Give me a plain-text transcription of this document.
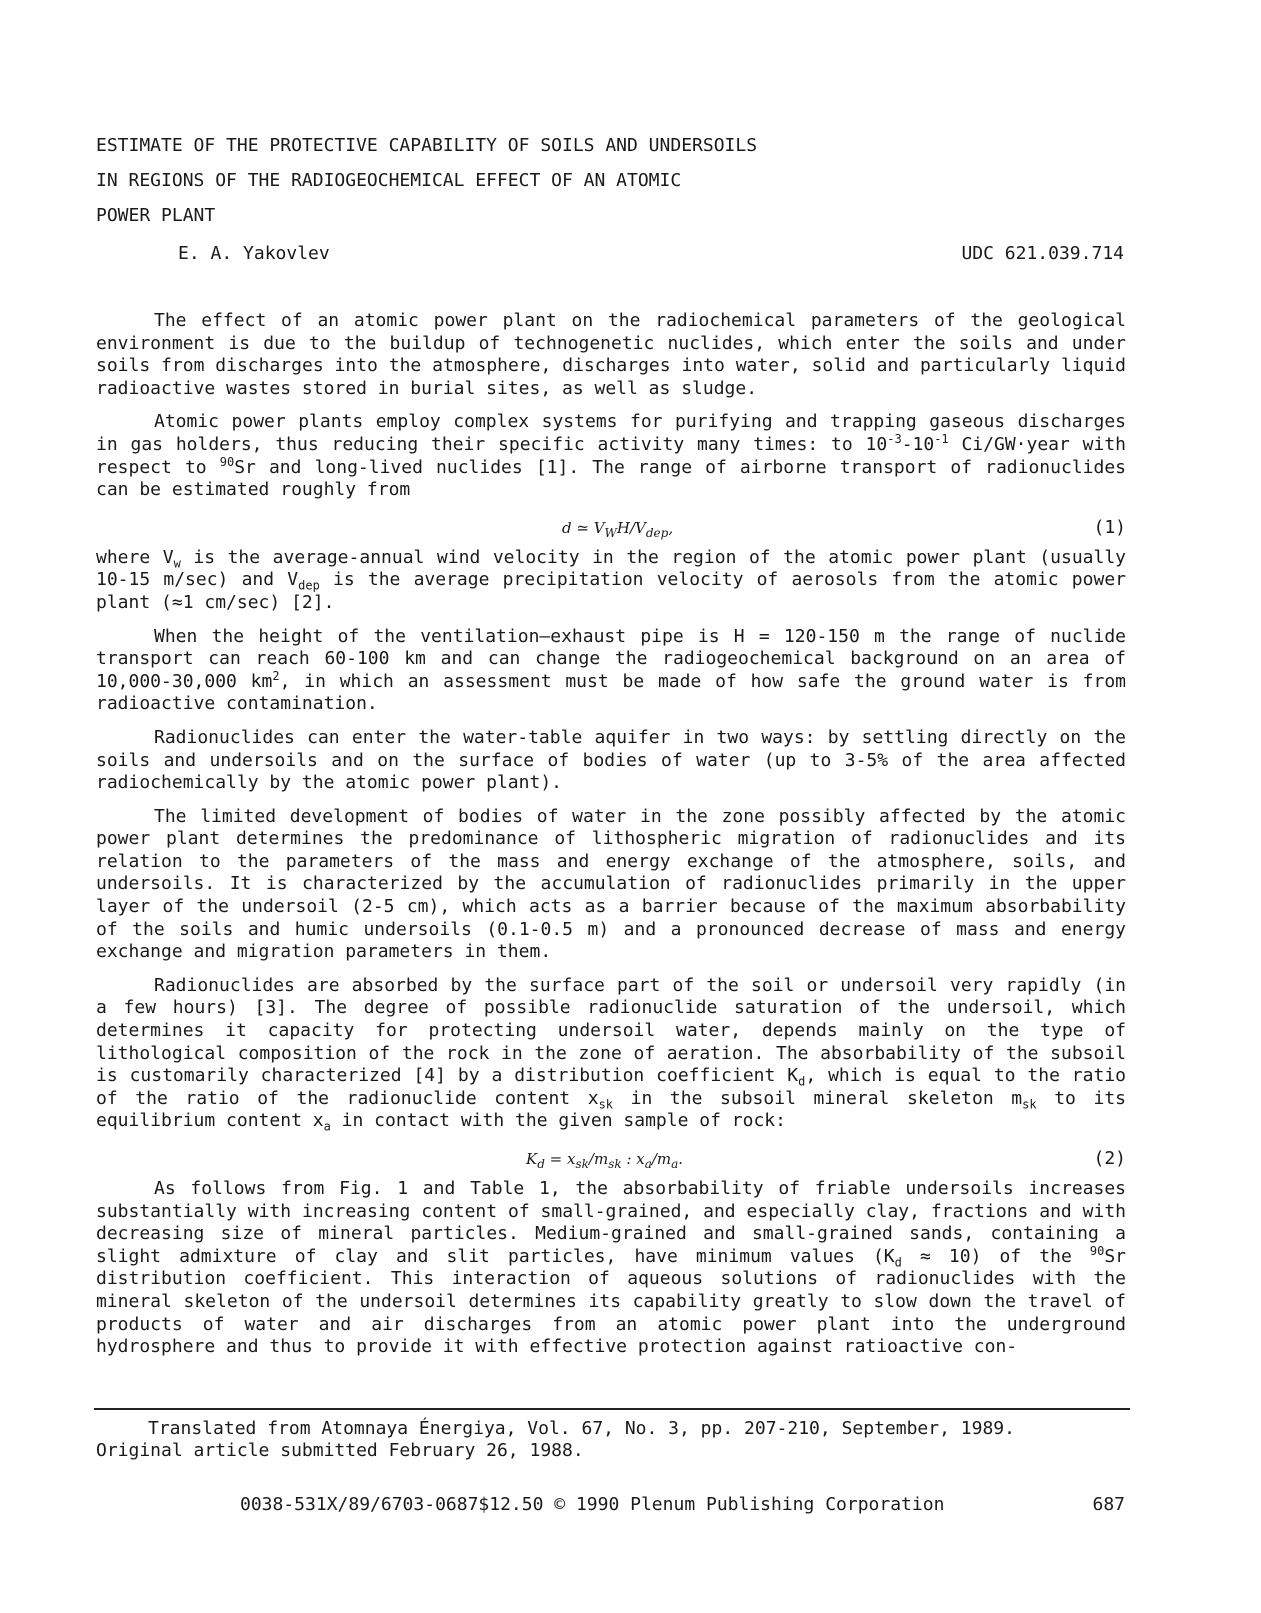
ESTIMATE OF THE PROTECTIVE CAPABILITY OF SOILS AND UNDERSOILS
IN REGIONS OF THE RADIOGEOCHEMICAL EFFECT OF AN ATOMIC
POWER PLANT
E. A. Yakovlev	UDC 621.039.714

The effect of an atomic power plant on the radiochemical parameters of the geological environment is due to the buildup of technogenetic nuclides, which enter the soils and under soils from discharges into the atmosphere, discharges into water, solid and particularly liquid radioactive wastes stored in burial sites, as well as sludge.

Atomic power plants employ complex systems for purifying and trapping gaseous discharges in gas holders, thus reducing their specific activity many times: to $10^{-3}-10^{-1}$ Ci/GW·year with respect to $^{90}$Sr and long-lived nuclides [1]. The range of airborne transport of radionuclides can be estimated roughly from

d ≃ $V_WH/V_{dep}$,	(1)

where $V_w$ is the average-annual wind velocity in the region of the atomic power plant (usually 10-15 m/sec) and $V_{dep}$ is the average precipitation velocity of aerosols from the atomic power plant (≈1 cm/sec) [2].

When the height of the ventilation—exhaust pipe is H = 120-150 m the range of nuclide transport can reach 60-100 km and can change the radiogeochemical background on an area of 10,000-30,000 $km^2$, in which an assessment must be made of how safe the ground water is from radioactive contamination.

Radionuclides can enter the water-table aquifer in two ways: by settling directly on the soils and undersoils and on the surface of bodies of water (up to 3-5% of the area affected radiochemically by the atomic power plant).

The limited development of bodies of water in the zone possibly affected by the atomic power plant determines the predominance of lithospheric migration of radionuclides and its relation to the parameters of the mass and energy exchange of the atmosphere, soils, and undersoils. It is characterized by the accumulation of radionuclides primarily in the upper layer of the undersoil (2-5 cm), which acts as a barrier because of the maximum absorbability of the soils and humic undersoils (0.1-0.5 m) and a pronounced decrease of mass and energy exchange and migration parameters in them.

Radionuclides are absorbed by the surface part of the soil or undersoil very rapidly (in a few hours) [3]. The degree of possible radionuclide saturation of the undersoil, which determines it capacity for protecting undersoil water, depends mainly on the type of lithological composition of the rock in the zone of aeration. The absorbability of the subsoil is customarily characterized [4] by a distribution coefficient $K_d$, which is equal to the ratio of the ratio of the radionuclide content $x_{sk}$ in the subsoil mineral skeleton $m_{sk}$ to its equilibrium content $x_a$ in contact with the given sample of rock:

$K_d = x_{sk}/m_{sk}$ : $x_a/m_a$.	(2)

As follows from Fig. 1 and Table 1, the absorbability of friable undersoils increases substantially with increasing content of small-grained, and especially clay, fractions and with decreasing size of mineral particles. Medium-grained and small-grained sands, containing a slight admixture of clay and slit particles, have minimum values $(K_d \approx 10)$ of the $^{90}$Sr distribution coefficient. This interaction of aqueous solutions of radionuclides with the mineral skeleton of the undersoil determines its capability greatly to slow down the travel of products of water and air discharges from an atomic power plant into the underground hydrosphere and thus to provide it with effective protection against ratioactive con-

Translated from Atomnaya Énergiya, Vol. 67, No. 3, pp. 207-210, September, 1989.
Original article submitted February 26, 1988.
0038-531X/89/6703-0687$12.50 © 1990 Plenum Publishing Corporation	687
